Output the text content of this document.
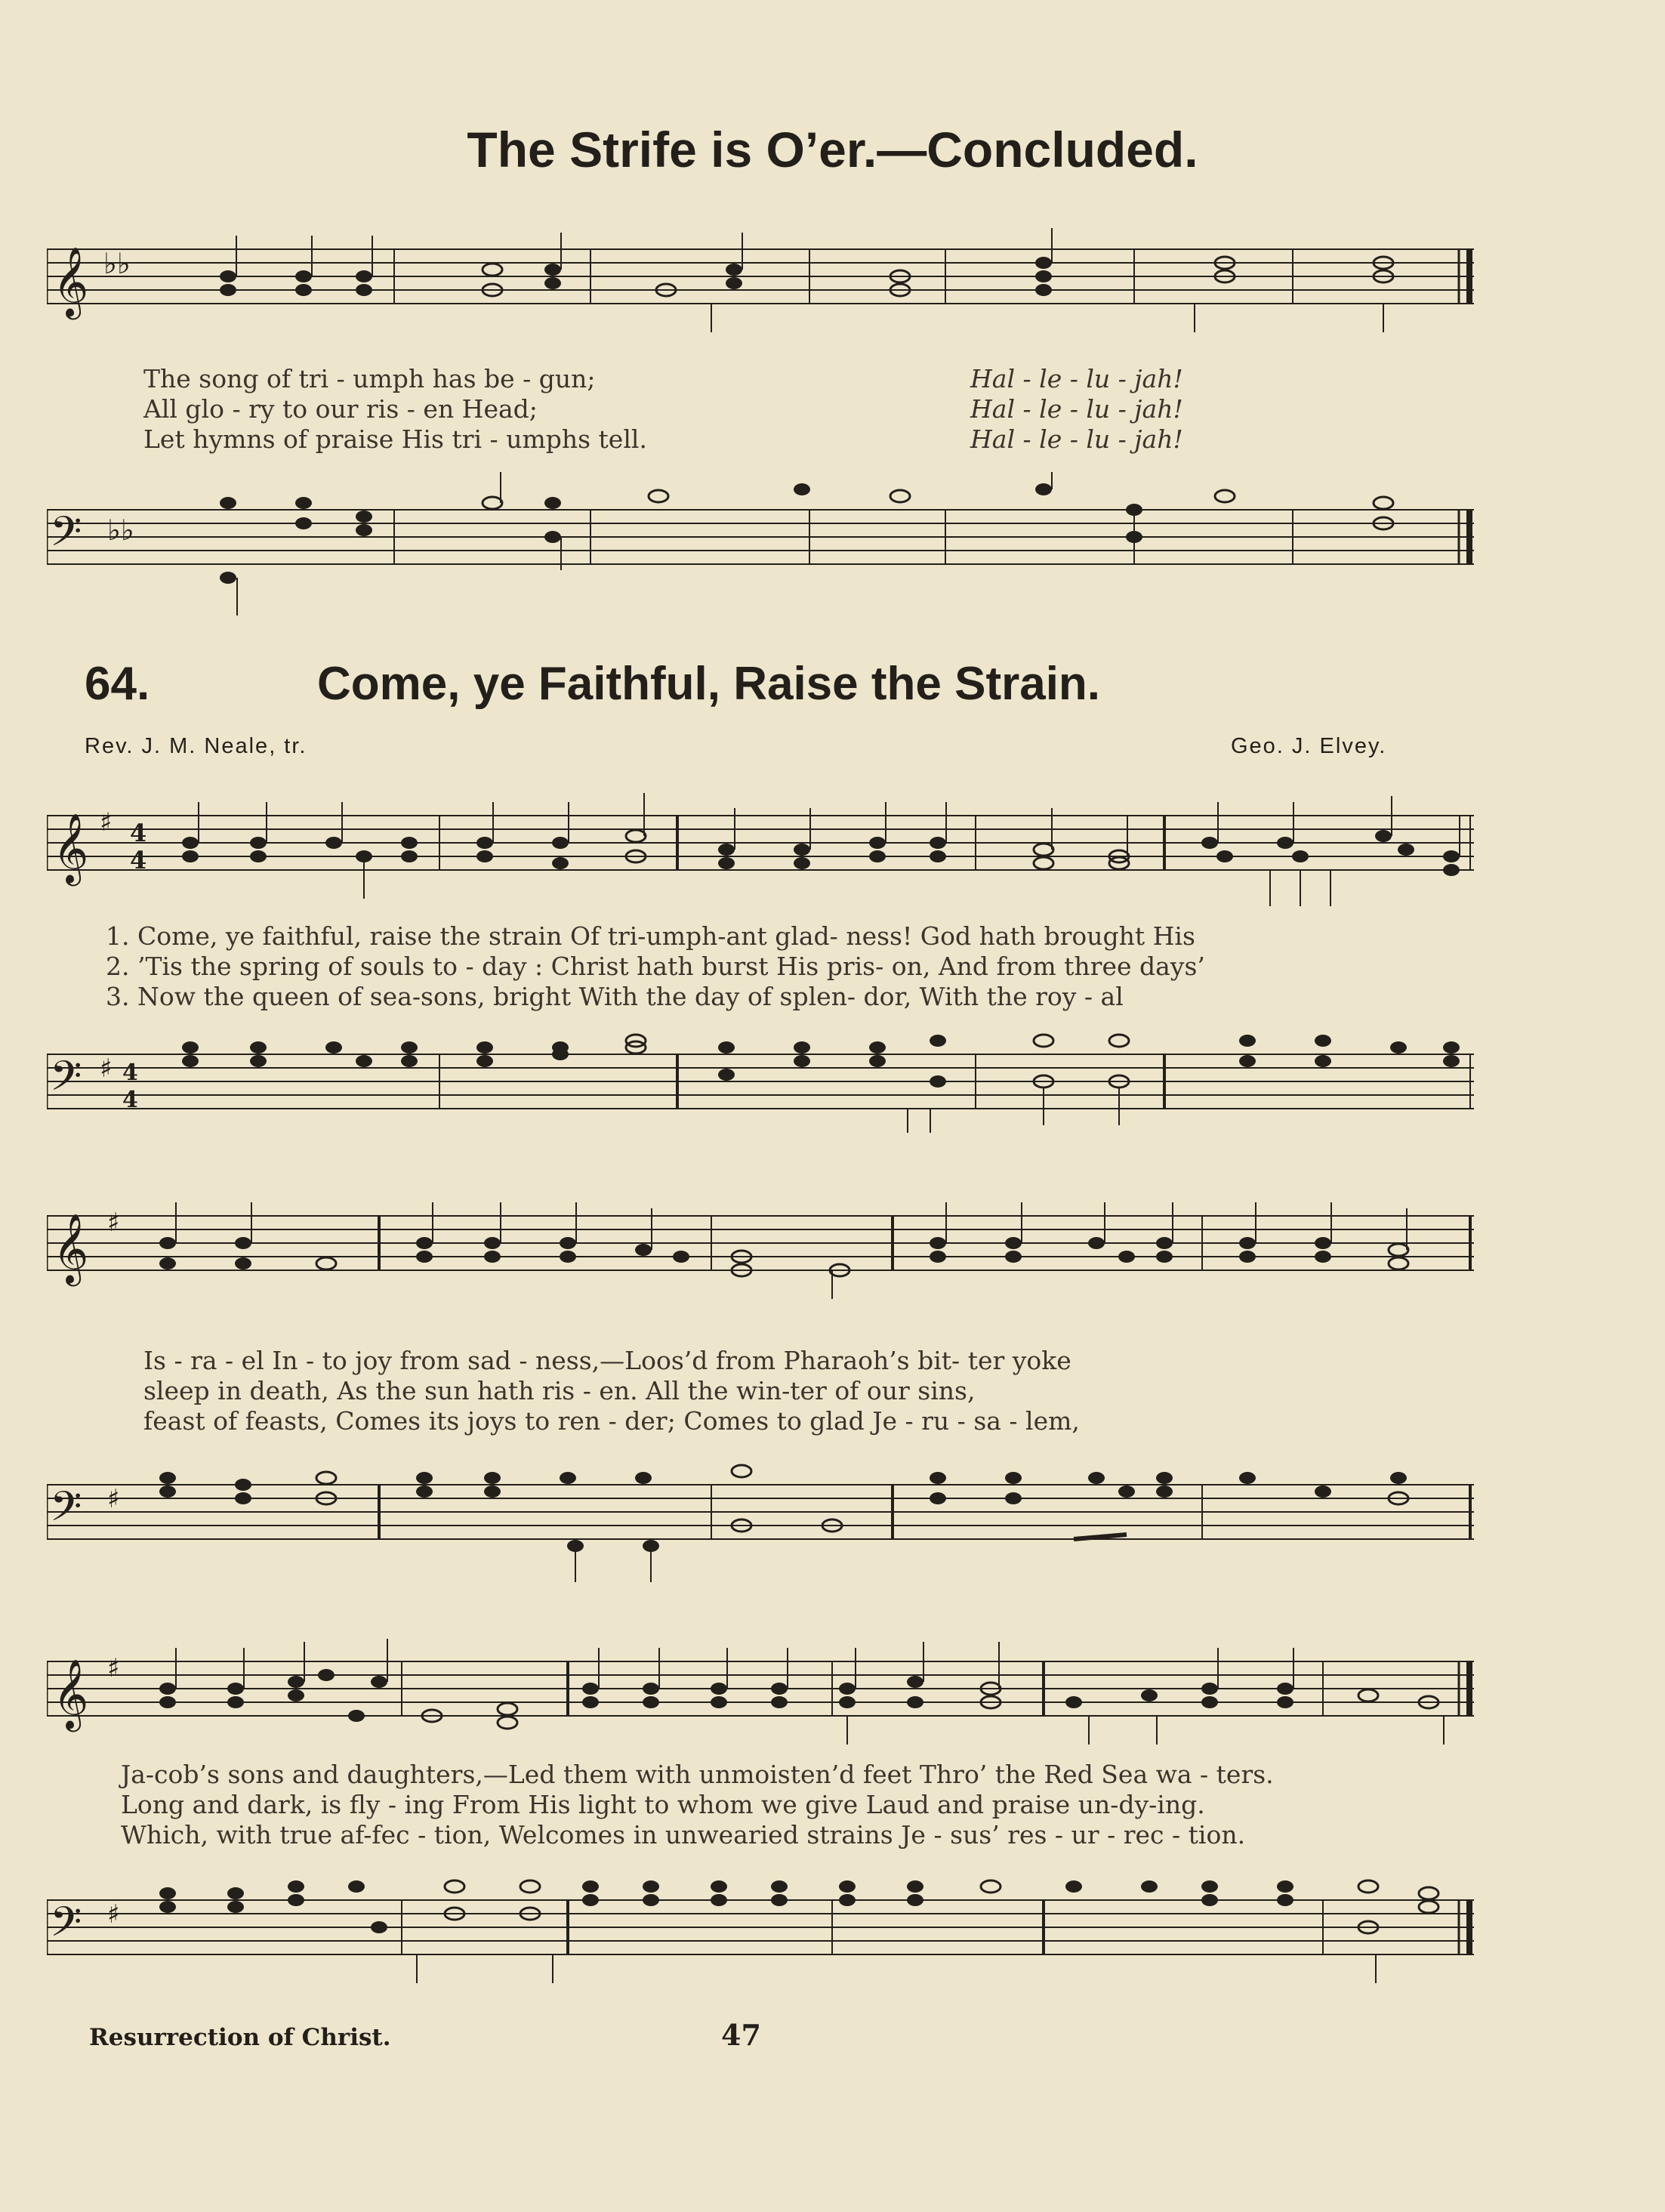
The Strife is O’er.—Concluded.
𝄞 ♭♭
The song of tri - umph has be - gun;
All glo - ry to our ris - en Head;
Let hymns of praise His tri - umphs tell.
Hal - le - lu - jah!
Hal - le - lu - jah!
Hal - le - lu - jah!
𝄢 ♭♭
64.	Come, ye Faithful, Raise the Strain.
Rev. J. M. Neale, tr.	Geo. J. Elvey.
𝄞 ♯ 4
4
1. Come, ye faithful, raise the strain Of tri-umph-ant glad- ness! God hath brought His
2. ’Tis the spring of souls to - day : Christ hath burst His pris- on, And from three days’
3. Now the queen of sea-sons, bright With the day of splen- dor, With the roy - al
𝄢 ♯ 4
4
𝄞 ♯
Is - ra - el In - to joy from sad - ness,—Loos’d from Pharaoh’s bit- ter yoke
sleep in death, As the sun hath ris - en. All the win-ter of our sins,
feast of feasts, Comes its joys to ren - der; Comes to glad Je - ru - sa - lem,
𝄢 ♯
𝄞 ♯
Ja-cob’s sons and daughters,—Led them with unmoisten’d feet Thro’ the Red Sea wa - ters.
Long and dark, is fly - ing From His light to whom we give Laud and praise un-dy-ing.
Which, with true af-fec - tion, Welcomes in unwearied strains Je - sus’ res - ur - rec - tion.
𝄢 ♯
Resurrection of Christ.	47
